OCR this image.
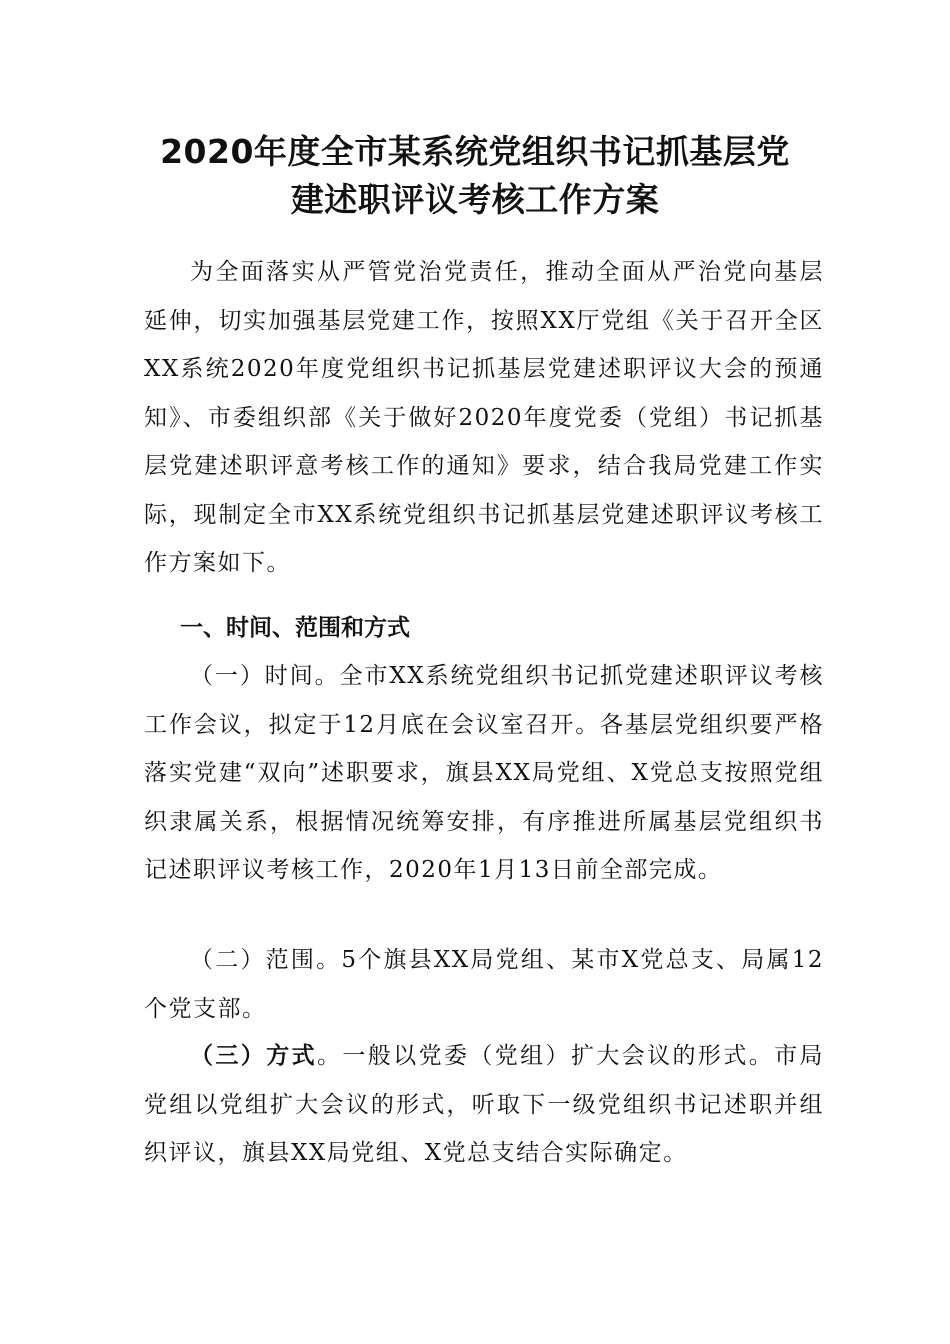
2020年度全市某系统党组织书记抓基层党
建述职评议考核工作方案

为全面落实从严管党治党责任，推动全面从严治党向基层延伸，切实加强基层党建工作，按照XX厅党组《关于召开全区XX系统2020年度党组织书记抓基层党建述职评议大会的预通知》、市委组织部《关于做好2020年度党委（党组）书记抓基层党建述职评意考核工作的通知》要求，结合我局党建工作实际，现制定全市XX系统党组织书记抓基层党建述职评议考核工作方案如下。

一、时间、范围和方式

（一）时间。全市XX系统党组织书记抓党建述职评议考核工作会议，拟定于12月底在会议室召开。各基层党组织要严格落实党建“双向”述职要求，旗县XX局党组、X党总支按照党组织隶属关系，根据情况统筹安排，有序推进所属基层党组织书记述职评议考核工作，2020年1月13日前全部完成。

（二）范围。5个旗县XX局党组、某市X党总支、局属12个党支部。

（三）方式。一般以党委（党组）扩大会议的形式。市局党组以党组扩大会议的形式，听取下一级党组织书记述职并组织评议，旗县XX局党组、X党总支结合实际确定。
